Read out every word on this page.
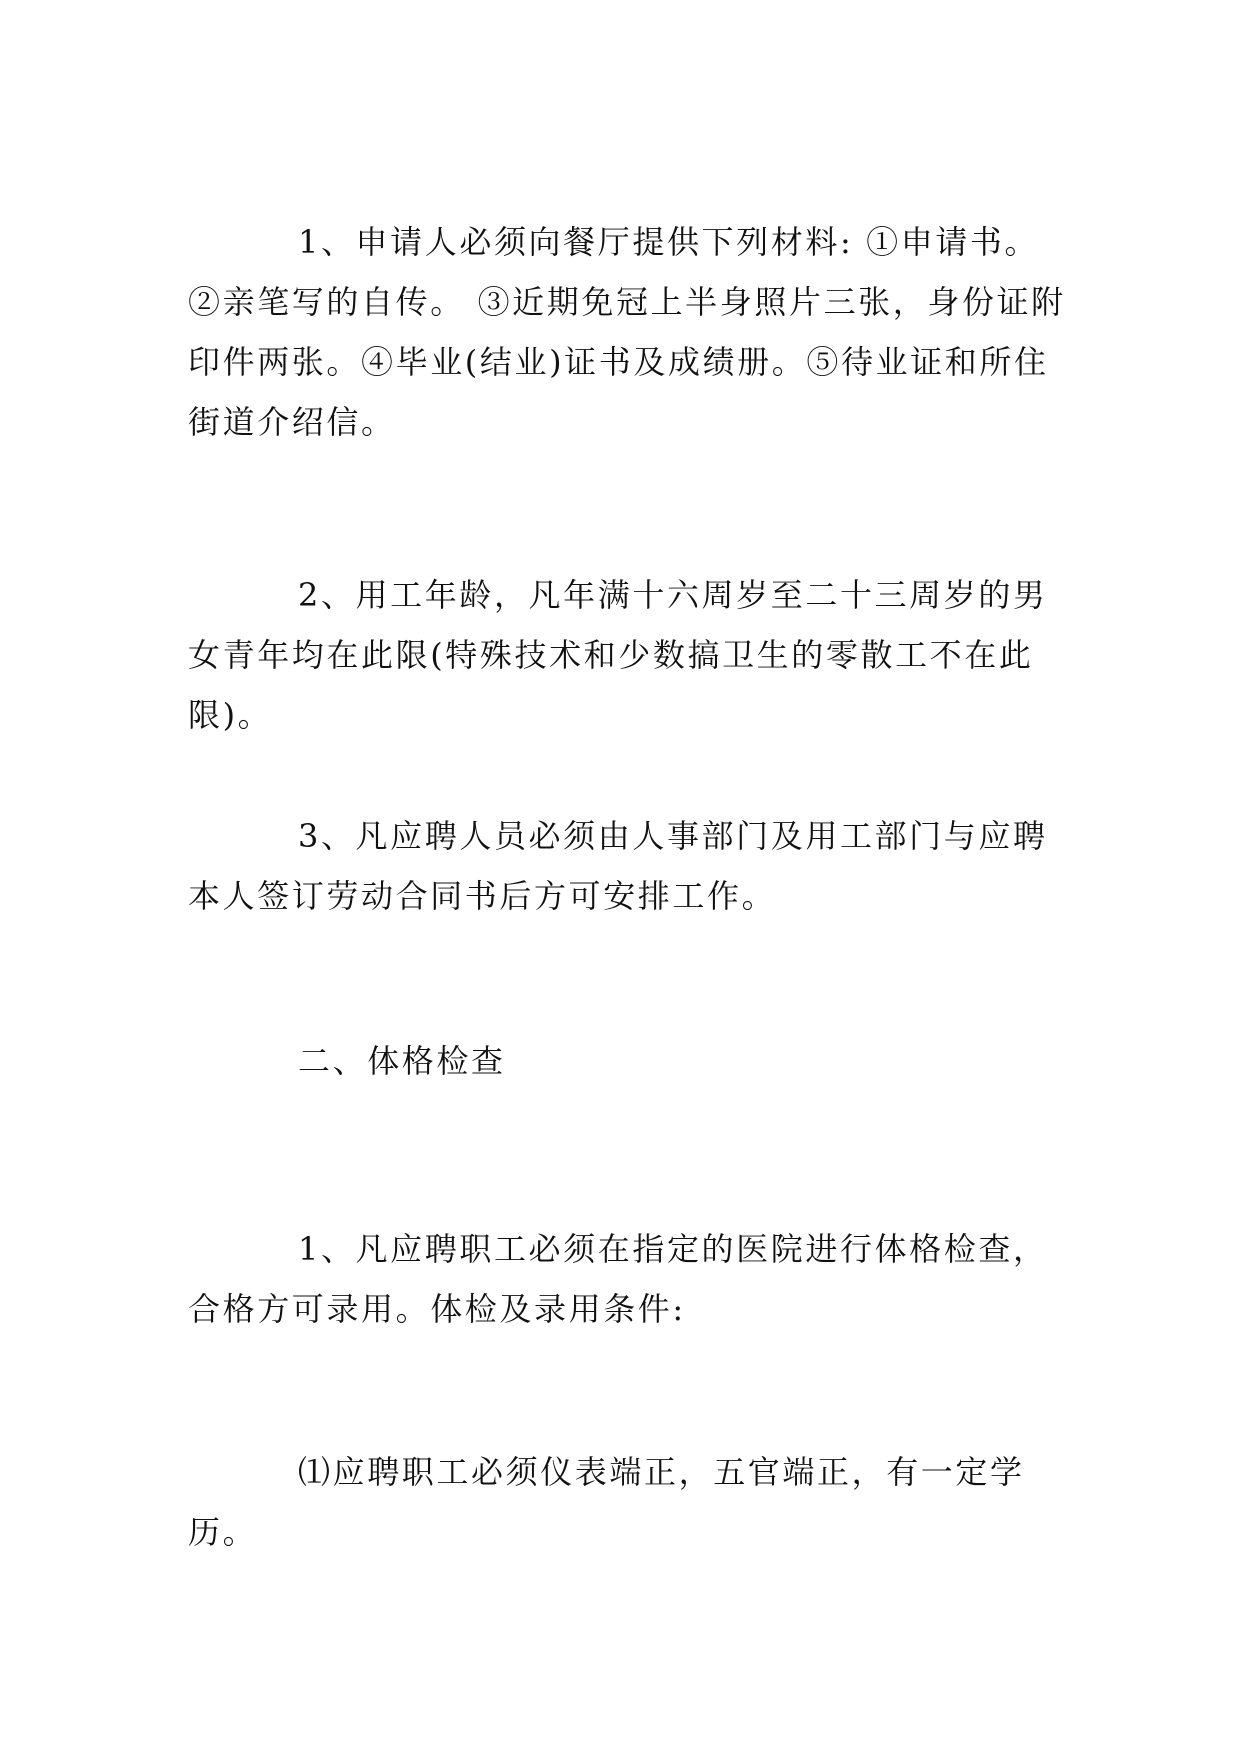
1、申请人必须向餐厅提供下列材料: ①申请书。 ②亲笔写的自传。 ③近期免冠上半身照片三张，身份证附印件两张。④毕业(结业)证书及成绩册。⑤待业证和所住街道介绍信。

2、用工年龄，凡年满十六周岁至二十三周岁的男女青年均在此限(特殊技术和少数搞卫生的零散工不在此限)。

3、凡应聘人员必须由人事部门及用工部门与应聘本人签订劳动合同书后方可安排工作。

二、体格检查

1、凡应聘职工必须在指定的医院进行体格检查，合格方可录用。体检及录用条件:

⑴应聘职工必须仪表端正，五官端正，有一定学历。
